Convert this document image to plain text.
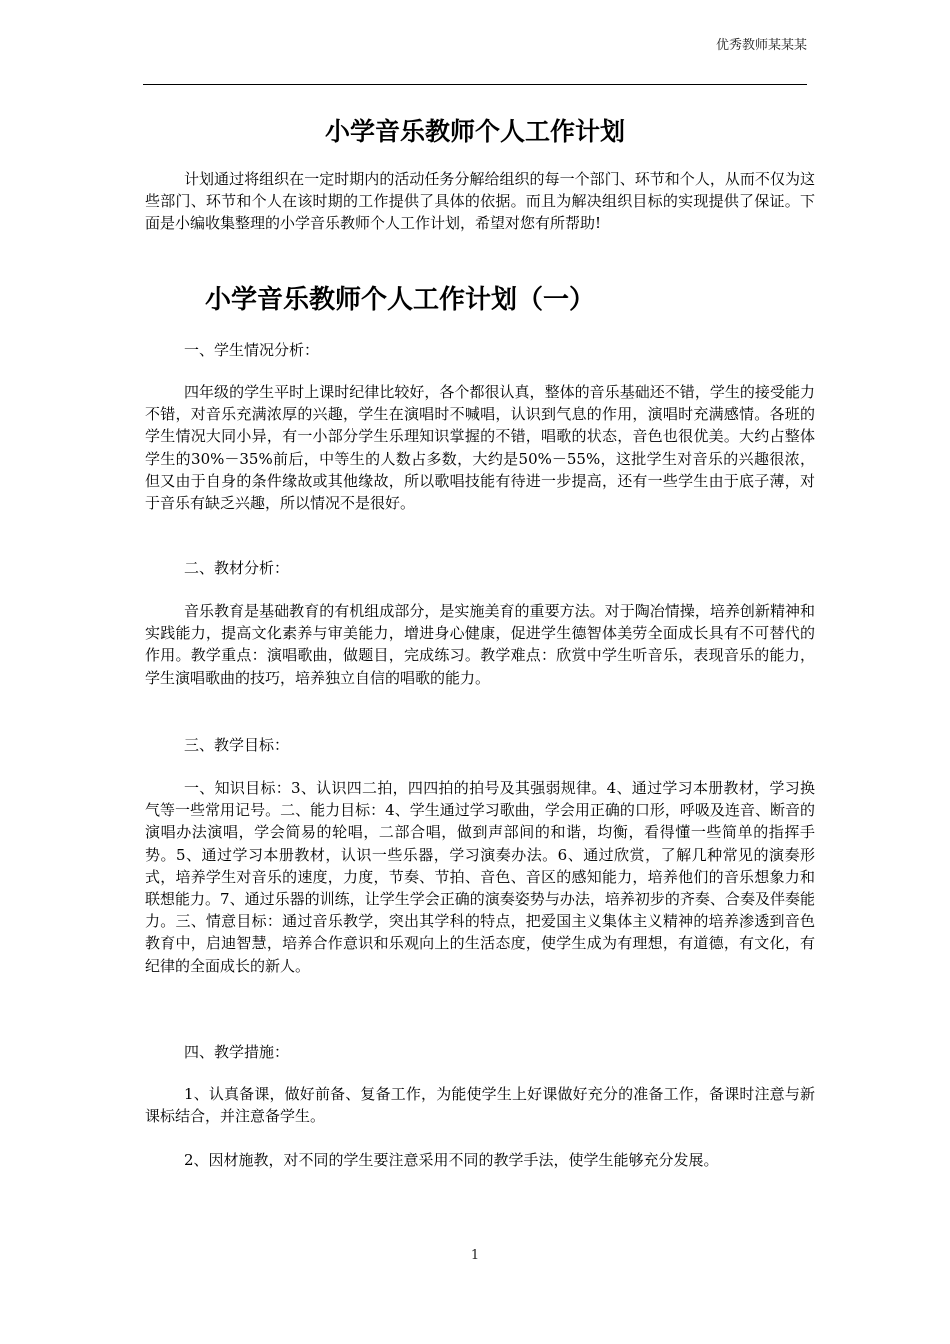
优秀教师某某某
小学音乐教师个人工作计划

计划通过将组织在一定时期内的活动任务分解给组织的每一个部门、环节和个人，从而不仅为这些部门、环节和个人在该时期的工作提供了具体的依据。而且为解决组织目标的实现提供了保证。下面是小编收集整理的小学音乐教师个人工作计划，希望对您有所帮助!

小学音乐教师个人工作计划（一）

一、学生情况分析：

四年级的学生平时上课时纪律比较好，各个都很认真，整体的音乐基础还不错，学生的接受能力不错，对音乐充满浓厚的兴趣，学生在演唱时不喊唱，认识到气息的作用，演唱时充满感情。各班的学生情况大同小异，有一小部分学生乐理知识掌握的不错，唱歌的状态，音色也很优美。大约占整体学生的30%－35%前后，中等生的人数占多数，大约是50%－55%，这批学生对音乐的兴趣很浓，但又由于自身的条件缘故或其他缘故，所以歌唱技能有待进一步提高，还有一些学生由于底子薄，对于音乐有缺乏兴趣，所以情况不是很好。

二、教材分析：

音乐教育是基础教育的有机组成部分，是实施美育的重要方法。对于陶冶情操，培养创新精神和实践能力，提高文化素养与审美能力，增进身心健康，促进学生德智体美劳全面成长具有不可替代的作用。教学重点：演唱歌曲，做题目，完成练习。教学难点：欣赏中学生听音乐，表现音乐的能力，学生演唱歌曲的技巧，培养独立自信的唱歌的能力。

三、教学目标：

一、知识目标：3、认识四二拍，四四拍的拍号及其强弱规律。4、通过学习本册教材，学习换气等一些常用记号。二、能力目标：4、学生通过学习歌曲，学会用正确的口形，呼吸及连音、断音的演唱办法演唱，学会简易的轮唱，二部合唱，做到声部间的和谐，均衡，看得懂一些简单的指挥手势。5、通过学习本册教材，认识一些乐器，学习演奏办法。6、通过欣赏，了解几种常见的演奏形式，培养学生对音乐的速度，力度，节奏、节拍、音色、音区的感知能力，培养他们的音乐想象力和联想能力。7、通过乐器的训练，让学生学会正确的演奏姿势与办法，培养初步的齐奏、合奏及伴奏能力。三、情意目标：通过音乐教学，突出其学科的特点，把爱国主义集体主义精神的培养渗透到音色教育中，启迪智慧，培养合作意识和乐观向上的生活态度，使学生成为有理想，有道德，有文化，有纪律的全面成长的新人。

四、教学措施：

1、认真备课，做好前备、复备工作，为能使学生上好课做好充分的准备工作，备课时注意与新课标结合，并注意备学生。

2、因材施教，对不同的学生要注意采用不同的教学手法，使学生能够充分发展。

1
